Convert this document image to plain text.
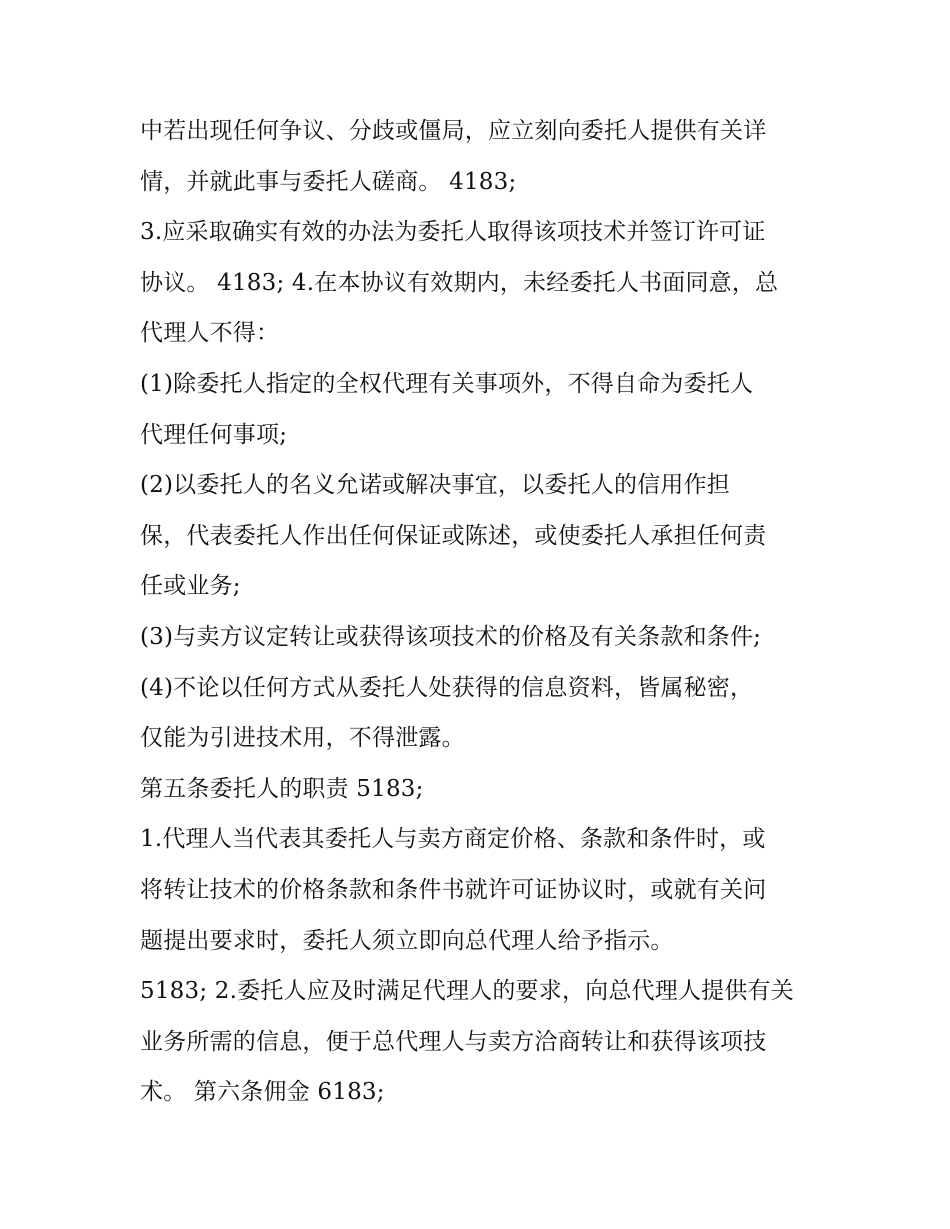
中若出现任何争议、分歧或僵局，应立刻向委托人提供有关详
情，并就此事与委托人磋商。 4183;
3.应采取确实有效的办法为委托人取得该项技术并签订许可证
协议。 4183; 4.在本协议有效期内，未经委托人书面同意，总
代理人不得：
(1)除委托人指定的全权代理有关事项外，不得自命为委托人
代理任何事项;
(2)以委托人的名义允诺或解决事宜，以委托人的信用作担
保，代表委托人作出任何保证或陈述，或使委托人承担任何责
任或业务;
(3)与卖方议定转让或获得该项技术的价格及有关条款和条件;
(4)不论以任何方式从委托人处获得的信息资料，皆属秘密，
仅能为引进技术用，不得泄露。
第五条委托人的职责 5183;
1.代理人当代表其委托人与卖方商定价格、条款和条件时，或
将转让技术的价格条款和条件书就许可证协议时，或就有关问
题提出要求时，委托人须立即向总代理人给予指示。
5183; 2.委托人应及时满足代理人的要求，向总代理人提供有关
业务所需的信息，便于总代理人与卖方洽商转让和获得该项技
术。 第六条佣金 6183;
